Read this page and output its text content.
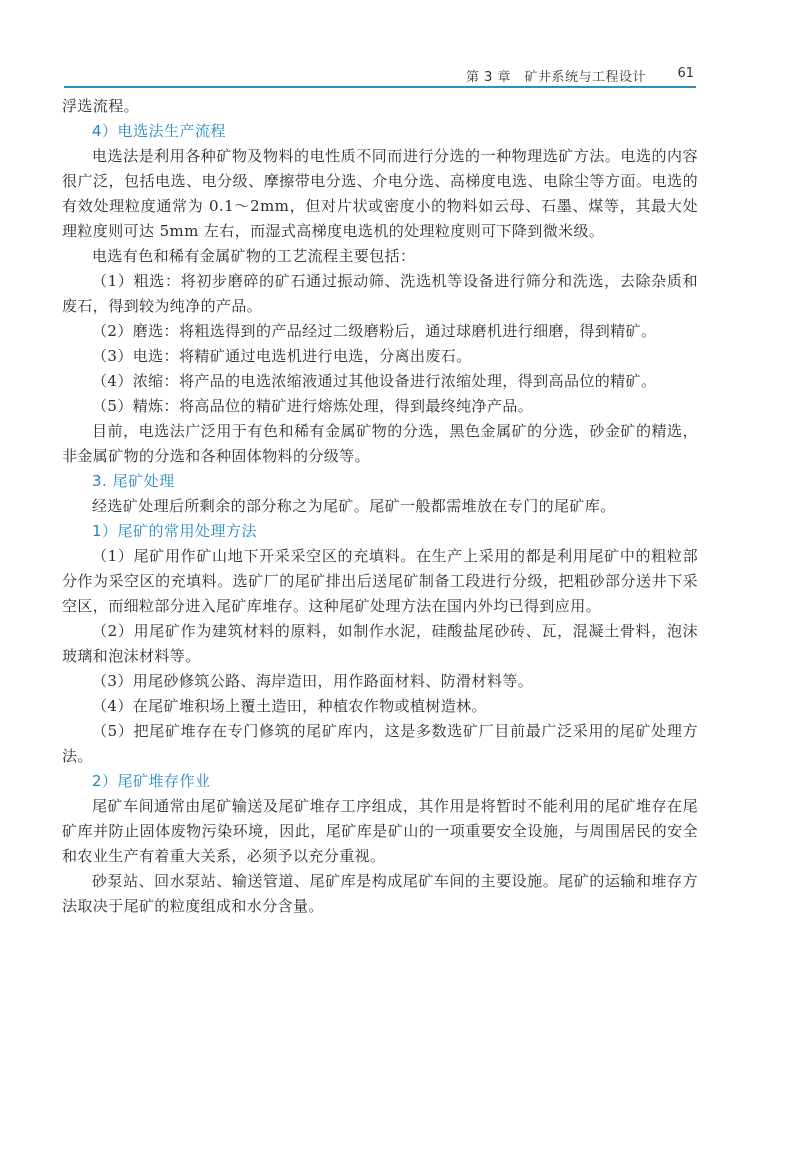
第 3 章　矿井系统与工程设计 61

浮选流程。

4）电选法生产流程

电选法是利用各种矿物及物料的电性质不同而进行分选的一种物理选矿方法。电选的内容很广泛，包括电选、电分级、摩擦带电分选、介电分选、高梯度电选、电除尘等方面。电选的有效处理粒度通常为 0.1～2mm，但对片状或密度小的物料如云母、石墨、煤等，其最大处理粒度则可达 5mm 左右，而湿式高梯度电选机的处理粒度则可下降到微米级。

电选有色和稀有金属矿物的工艺流程主要包括：

（1）粗选：将初步磨碎的矿石通过振动筛、洗选机等设备进行筛分和洗选，去除杂质和废石，得到较为纯净的产品。

（2）磨选：将粗选得到的产品经过二级磨粉后，通过球磨机进行细磨，得到精矿。

（3）电选：将精矿通过电选机进行电选，分离出废石。

（4）浓缩：将产品的电选浓缩液通过其他设备进行浓缩处理，得到高品位的精矿。

（5）精炼：将高品位的精矿进行熔炼处理，得到最终纯净产品。

目前，电选法广泛用于有色和稀有金属矿物的分选，黑色金属矿的分选，砂金矿的精选，非金属矿物的分选和各种固体物料的分级等。

3. 尾矿处理

经选矿处理后所剩余的部分称之为尾矿。尾矿一般都需堆放在专门的尾矿库。

1）尾矿的常用处理方法

（1）尾矿用作矿山地下开采采空区的充填料。在生产上采用的都是利用尾矿中的粗粒部分作为采空区的充填料。选矿厂的尾矿排出后送尾矿制备工段进行分级，把粗砂部分送井下采空区，而细粒部分进入尾矿库堆存。这种尾矿处理方法在国内外均已得到应用。

（2）用尾矿作为建筑材料的原料，如制作水泥，硅酸盐尾砂砖、瓦，混凝土骨料，泡沫玻璃和泡沫材料等。

（3）用尾砂修筑公路、海岸造田，用作路面材料、防滑材料等。

（4）在尾矿堆积场上覆土造田，种植农作物或植树造林。

（5）把尾矿堆存在专门修筑的尾矿库内，这是多数选矿厂目前最广泛采用的尾矿处理方法。

2）尾矿堆存作业

尾矿车间通常由尾矿输送及尾矿堆存工序组成，其作用是将暂时不能利用的尾矿堆存在尾矿库并防止固体废物污染环境，因此，尾矿库是矿山的一项重要安全设施，与周围居民的安全和农业生产有着重大关系，必须予以充分重视。

砂泵站、回水泵站、输送管道、尾矿库是构成尾矿车间的主要设施。尾矿的运输和堆存方法取决于尾矿的粒度组成和水分含量。
